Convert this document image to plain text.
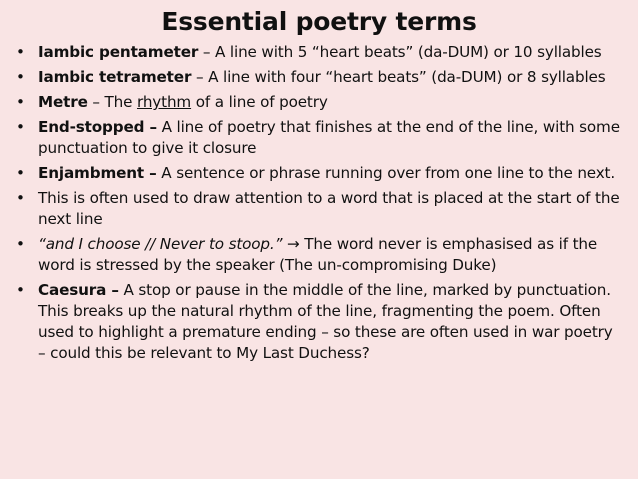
Essential poetry terms
• Iambic pentameter – A line with 5 “heart beats” (da-DUM) or 10 syllables
• Iambic tetrameter – A line with four “heart beats” (da-DUM) or 8 syllables
• Metre – The rhythm of a line of poetry
• End-stopped – A line of poetry that finishes at the end of the line, with some punctuation to give it closure
• Enjambment – A sentence or phrase running over from one line to the next.
• This is often used to draw attention to a word that is placed at the start of the next line
• “and I choose // Never to stoop.” → The word never is emphasised as if the word is stressed by the speaker (The un-compromising Duke)
• Caesura – A stop or pause in the middle of the line, marked by punctuation. This breaks up the natural rhythm of the line, fragmenting the poem. Often used to highlight a premature ending – so these are often used in war poetry – could this be relevant to My Last Duchess?
